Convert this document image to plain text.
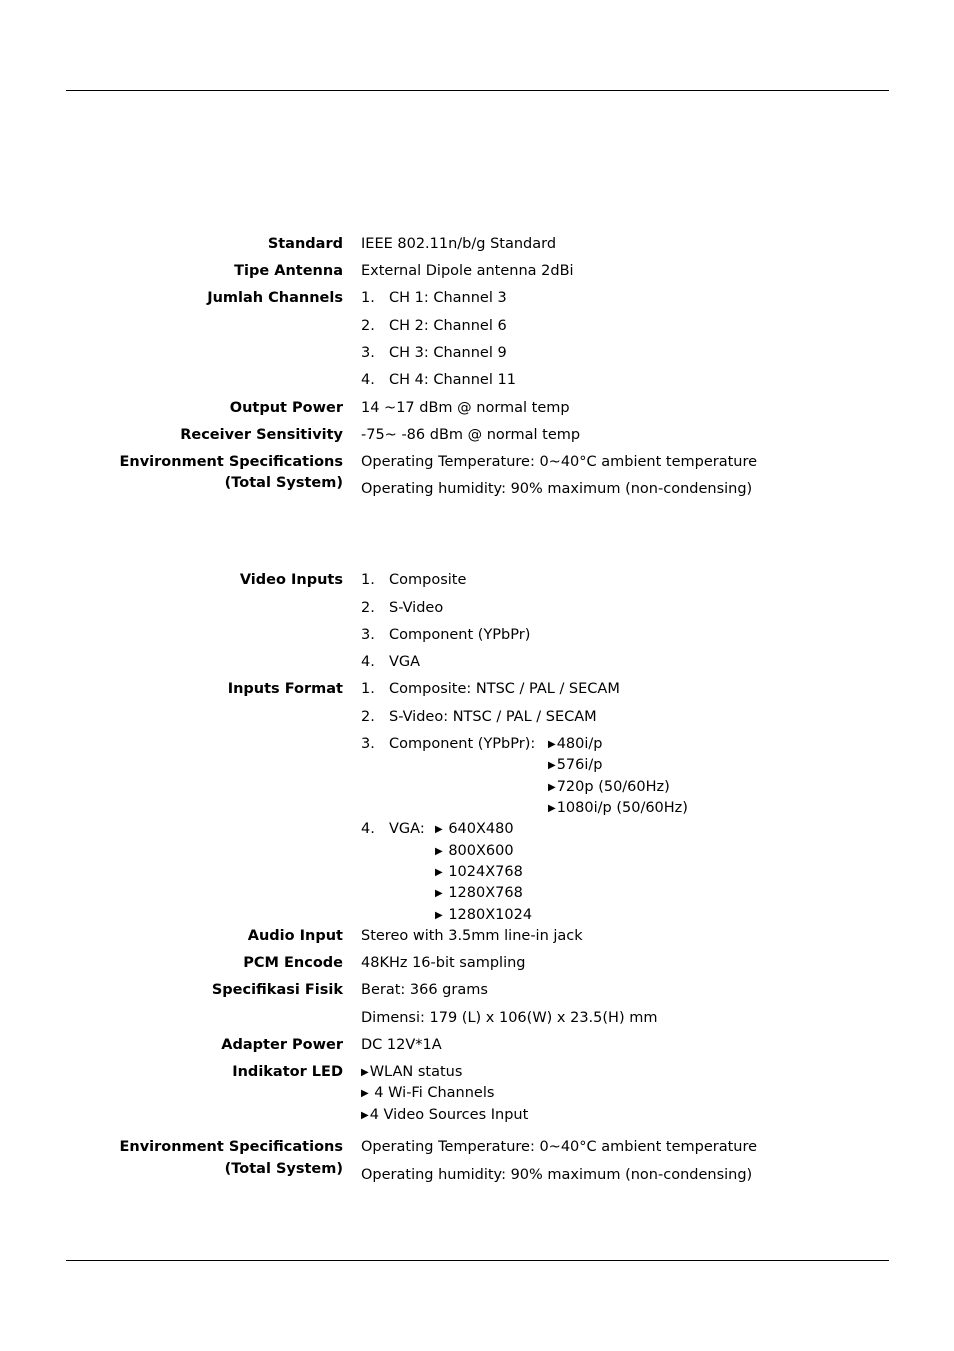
Standard IEEE 802.11n/b/g Standard
Tipe Antenna External Dipole antenna 2dBi
Jumlah Channels 1. CH 1: Channel 3
2. CH 2: Channel 6
3. CH 3: Channel 9
4. CH 4: Channel 11
Output Power 14 ~17 dBm @ normal temp
Receiver Sensitivity -75~ -86 dBm @ normal temp
Environment Specifications
(Total System)
Operating Temperature: 0~40°C ambient temperature
Operating humidity: 90% maximum (non-condensing)
Video Inputs 1. Composite
2. S-Video
3. Component (YPbPr)
4. VGA
Inputs Format 1. Composite: NTSC / PAL / SECAM
2. S-Video: NTSC / PAL / SECAM
3. Component (YPbPr): ▶480i/p
▶576i/p
▶720p (50/60Hz)
▶1080i/p (50/60Hz)
4. VGA: ▶ 640X480
▶ 800X600
▶ 1024X768
▶ 1280X768
▶ 1280X1024
Audio Input Stereo with 3.5mm line-in jack
PCM Encode 48KHz 16-bit sampling
Specifikasi Fisik Berat: 366 grams
Dimensi: 179 (L) x 106(W) x 23.5(H) mm
Adapter Power DC 12V*1A
Indikator LED ▶WLAN status
▶ 4 Wi-Fi Channels
▶4 Video Sources Input
Environment Specifications
(Total System)
Operating Temperature: 0~40°C ambient temperature
Operating humidity: 90% maximum (non-condensing)
